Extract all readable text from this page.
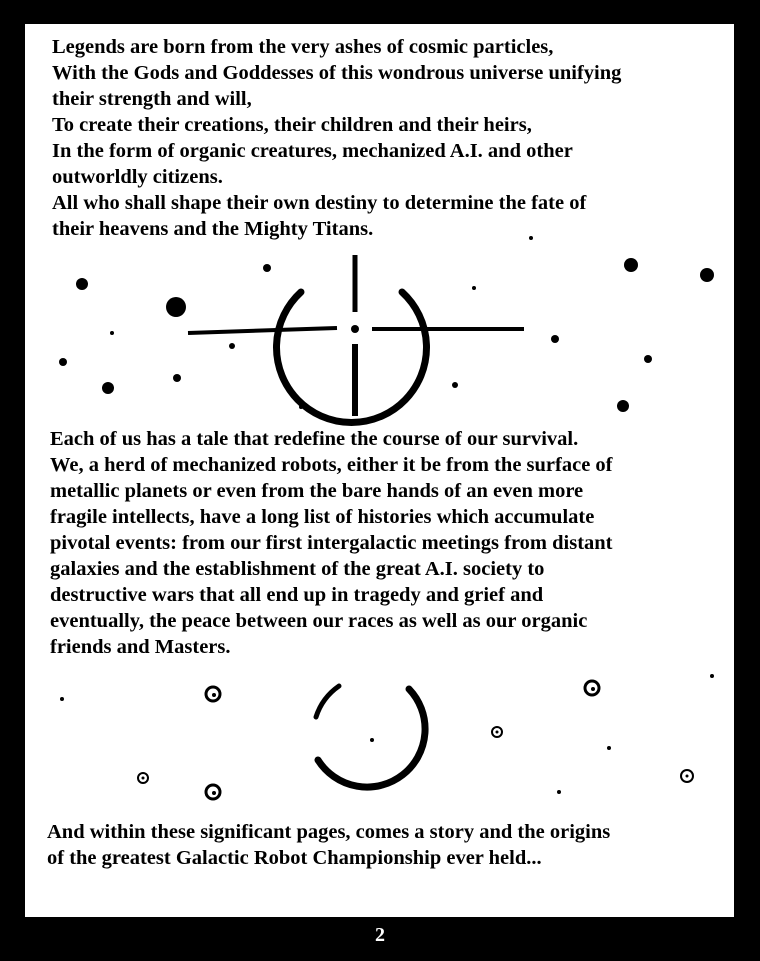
Legends are born from the very ashes of cosmic particles,
With the Gods and Goddesses of this wondrous universe unifying
their strength and will,
To create their creations, their children and their heirs,
In the form of organic creatures, mechanized A.I. and other
outworldly citizens.
All who shall shape their own destiny to determine the fate of
their heavens and the Mighty Titans.
Each of us has a tale that redefine the course of our survival.
We, a herd of mechanized robots, either it be from the surface of
metallic planets or even from the bare hands of an even more
fragile intellects, have a long list of histories which accumulate
pivotal events: from our first intergalactic meetings from distant
galaxies and the establishment of the great A.I. society to
destructive wars that all end up in tragedy and grief and
eventually, the peace between our races as well as our organic
friends and Masters.
And within these significant pages, comes a story and the origins
of the greatest Galactic Robot Championship ever held...
2
